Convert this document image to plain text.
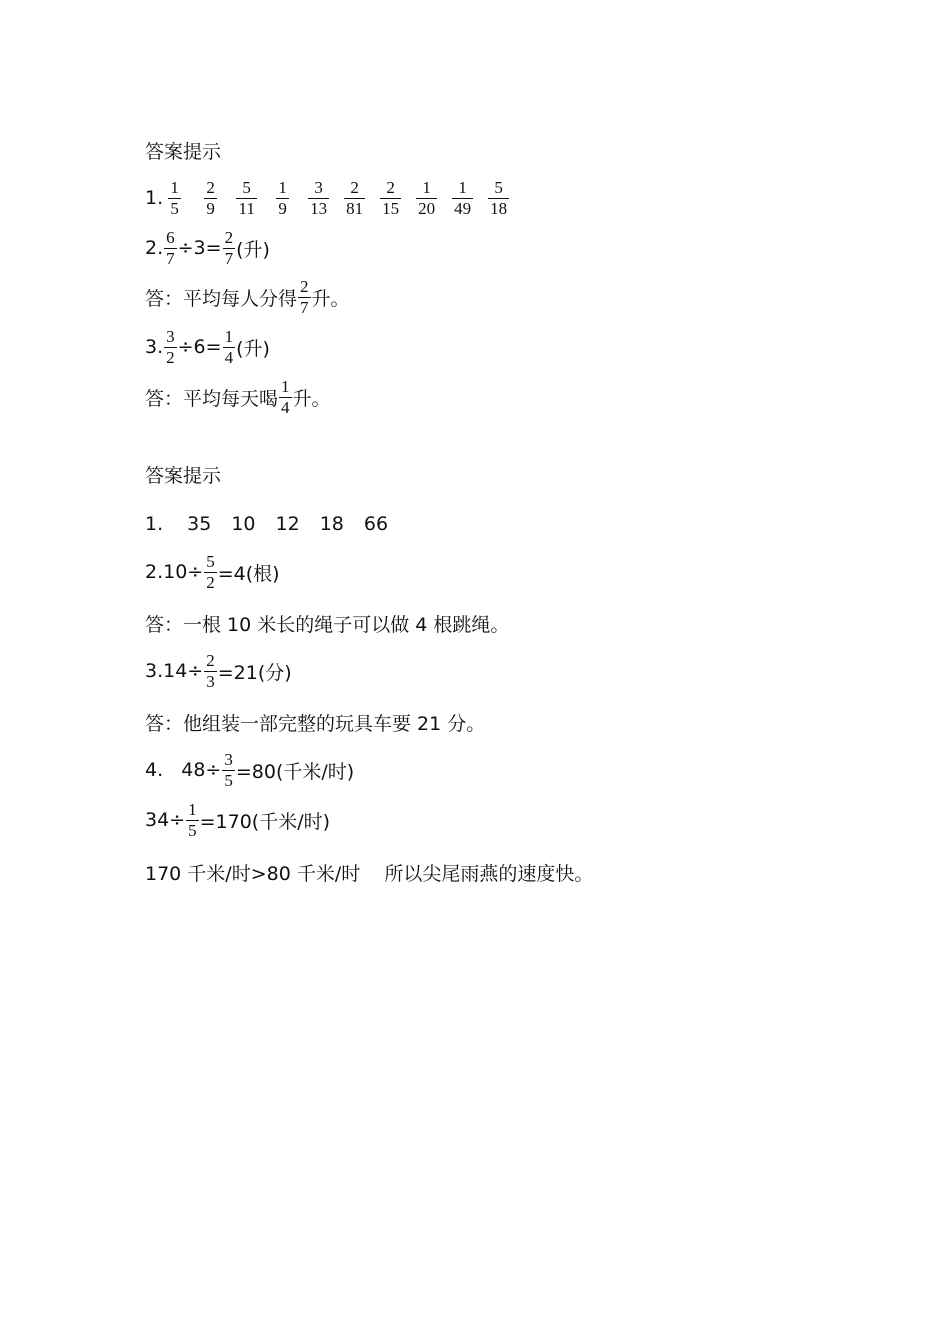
答案提示
1. $\frac{1}{5} \frac{2}{9} \frac{5}{11} \frac{1}{9} \frac{3}{13} \frac{2}{81} \frac{2}{15} \frac{1}{20} \frac{1}{49} \frac{5}{18}$
2. $\frac{6}{7} \div 3= \frac{2}{7}$ (升)
答：平均每人分得 $\frac{2}{7}$ 升。
3. $\frac{3}{2} \div 6= \frac{1}{4}$ (升)
答：平均每天喝 $\frac{1}{4}$ 升。
答案提示
1. 35 10 12 18 66
$2.10\div \frac{5}{2} =4$(根)
答：一根 10 米长的绳子可以做 4 根跳绳。
$3.14\div \frac{2}{3} =21$(分)
答：他组装一部完整的玩具车要 21 分。
4.   $48\div \frac{3}{5} =80$(千米/时)
$34\div \frac{1}{5} =170$(千米/时)
170 千米/时>80 千米/时    所以尖尾雨燕的速度快。
